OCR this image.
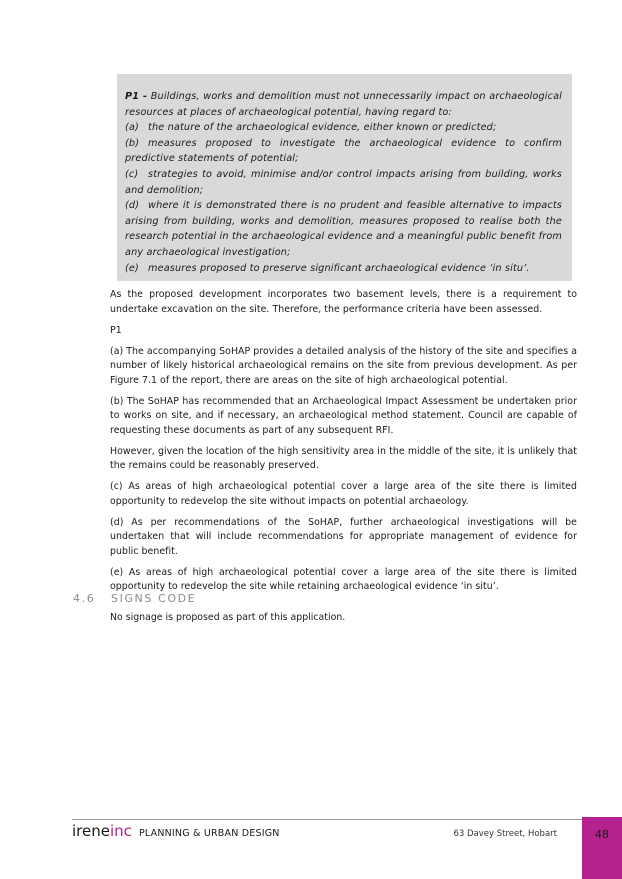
P1 - Buildings, works and demolition must not unnecessarily impact on archaeological resources at places of archaeological potential, having regard to:

(a) the nature of the archaeological evidence, either known or predicted;

(b) measures proposed to investigate the archaeological evidence to confirm predictive statements of potential;

(c) strategies to avoid, minimise and/or control impacts arising from building, works and demolition;

(d) where it is demonstrated there is no prudent and feasible alternative to impacts arising from building, works and demolition, measures proposed to realise both the research potential in the archaeological evidence and a meaningful public benefit from any archaeological investigation;

(e) measures proposed to preserve significant archaeological evidence ‘in situ’.

As the proposed development incorporates two basement levels, there is a requirement to undertake excavation on the site. Therefore, the performance criteria have been assessed.

P1

(a) The accompanying SoHAP provides a detailed analysis of the history of the site and specifies a number of likely historical archaeological remains on the site from previous development. As per Figure 7.1 of the report, there are areas on the site of high archaeological potential.

(b) The SoHAP has recommended that an Archaeological Impact Assessment be undertaken prior to works on site, and if necessary, an archaeological method statement. Council are capable of requesting these documents as part of any subsequent RFI.

However, given the location of the high sensitivity area in the middle of the site, it is unlikely that the remains could be reasonably preserved.

(c) As areas of high archaeological potential cover a large area of the site there is limited opportunity to redevelop the site without impacts on potential archaeology.

(d) As per recommendations of the SoHAP, further archaeological investigations will be undertaken that will include recommendations for appropriate management of evidence for public benefit.

(e) As areas of high archaeological potential cover a large area of the site there is limited opportunity to redevelop the site while retaining archaeological evidence ‘in situ’.

4.6 SIGNS CODE
No signage is proposed as part of this application.
ireneinc PLANNING & URBAN DESIGN	63 Davey Street, Hobart	48
